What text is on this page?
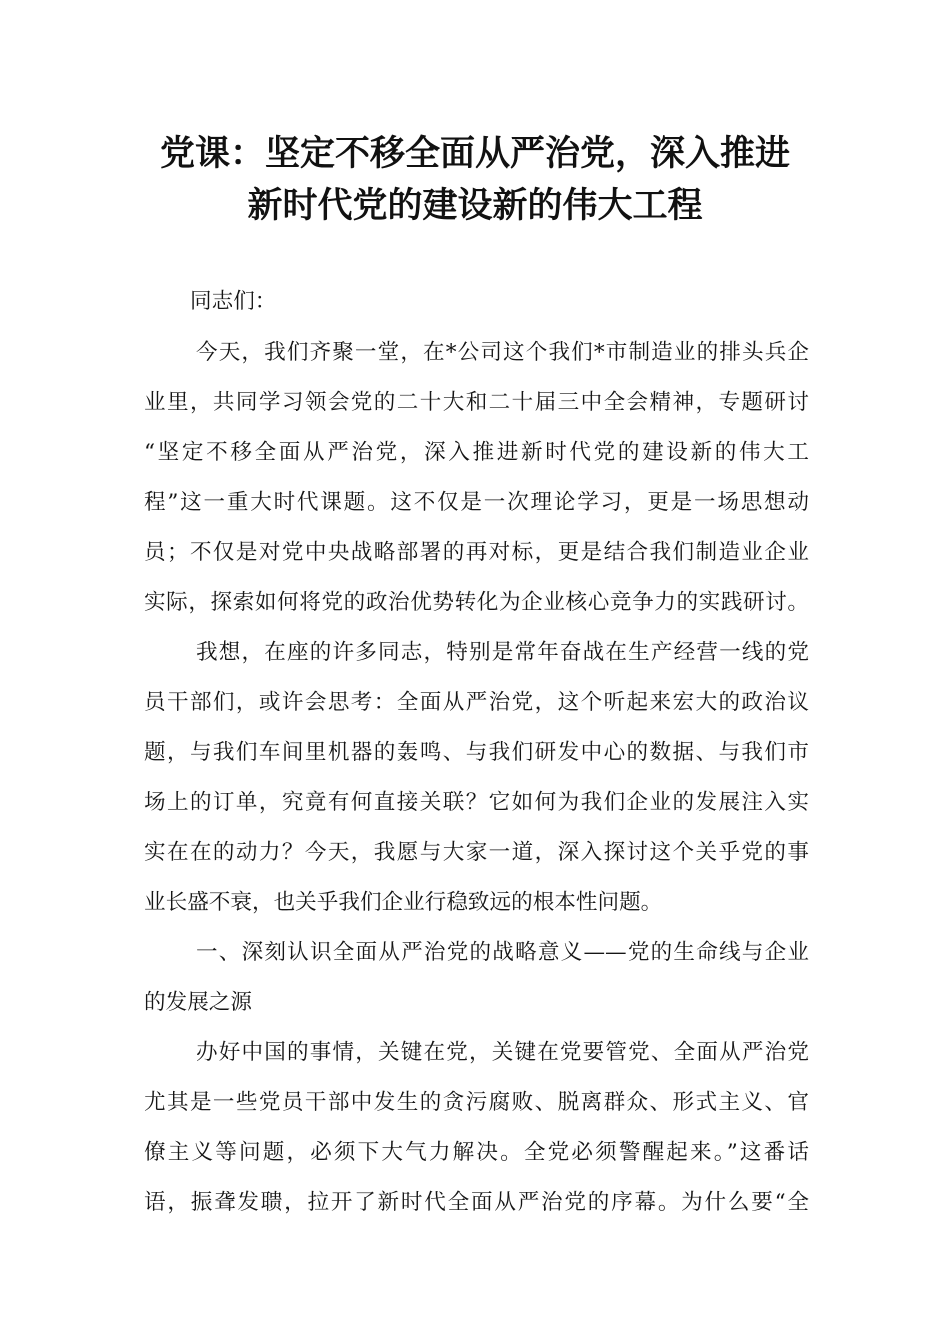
党课：坚定不移全面从严治党，深入推进
新时代党的建设新的伟大工程

同志们：

今天，我们齐聚一堂，在*公司这个我们*市制造业的排头兵企

业里，共同学习领会党的二十大和二十届三中全会精神，专题研讨

“坚定不移全面从严治党，深入推进新时代党的建设新的伟大工

程”这一重大时代课题。这不仅是一次理论学习，更是一场思想动

员；不仅是对党中央战略部署的再对标，更是结合我们制造业企业

实际，探索如何将党的政治优势转化为企业核心竞争力的实践研讨。

我想，在座的许多同志，特别是常年奋战在生产经营一线的党

员干部们，或许会思考：全面从严治党，这个听起来宏大的政治议

题，与我们车间里机器的轰鸣、与我们研发中心的数据、与我们市

场上的订单，究竟有何直接关联？它如何为我们企业的发展注入实

实在在的动力？今天，我愿与大家一道，深入探讨这个关乎党的事

业长盛不衰，也关乎我们企业行稳致远的根本性问题。

一、深刻认识全面从严治党的战略意义——党的生命线与企业

的发展之源

办好中国的事情，关键在党，关键在党要管党、全面从严治党

尤其是一些党员干部中发生的贪污腐败、脱离群众、形式主义、官

僚主义等问题，必须下大气力解决。全党必须警醒起来。”这番话

语，振聋发聩，拉开了新时代全面从严治党的序幕。为什么要“全
